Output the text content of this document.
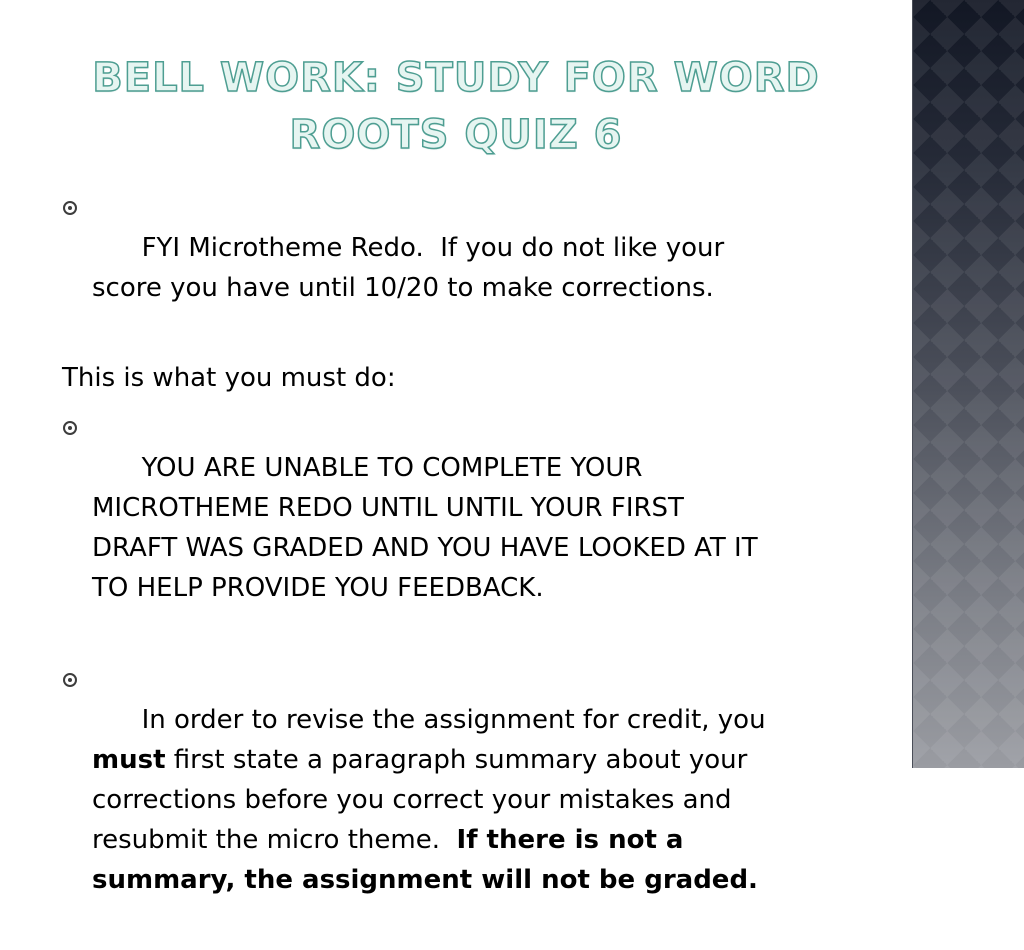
BELL WORK: STUDY FOR WORD
ROOTS QUIZ 6

FYI Microtheme Redo.  If you do not like your
score you have until 10/20 to make corrections.

This is what you must do:

YOU ARE UNABLE TO COMPLETE YOUR
MICROTHEME REDO UNTIL UNTIL YOUR FIRST
DRAFT WAS GRADED AND YOU HAVE LOOKED AT IT
TO HELP PROVIDE YOU FEEDBACK.

In order to revise the assignment for credit, you
must first state a paragraph summary about your
corrections before you correct your mistakes and
resubmit the micro theme.  If there is not a
summary, the assignment will not be graded.
